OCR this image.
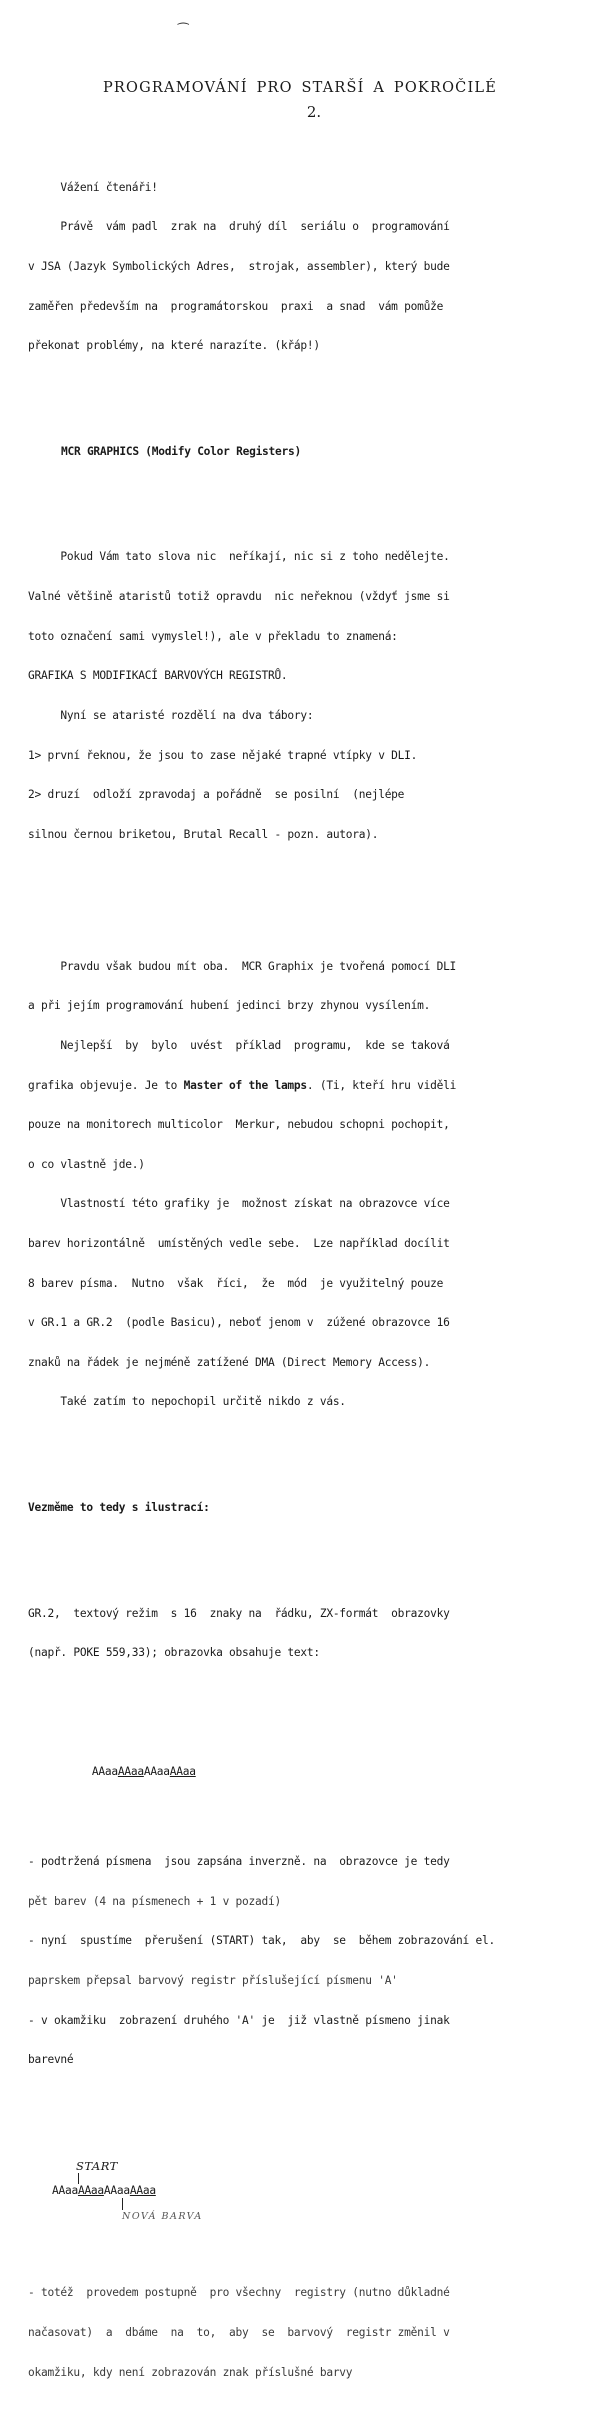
⁀
PROGRAMOVÁNÍ PRO STARŠÍ A POKROČILÉ
2.

Vážení čtenáři!

Právě  vám padl  zrak na  druhý díl  seriálu o  programování

v JSA (Jazyk Symbolických Adres,  strojak, assembler), který bude

zaměřen především na  programátorskou  praxi  a snad  vám pomůže

překonat problémy, na které narazíte. (křáp!)

MCR GRAPHICS (Modify Color Registers)

Pokud Vám tato slova nic  neříkají, nic si z toho nedělejte.

Valné většině ataristů totiž opravdu  nic neřeknou (vždyť jsme si

toto označení sami vymyslel!), ale v překladu to znamená:

GRAFIKA S MODIFIKACÍ BARVOVÝCH REGISTRŮ.

Nyní se ataristé rozdělí na dva tábory:

1> první řeknou, že jsou to zase nějaké trapné vtípky v DLI.

2> druzí  odloží zpravodaj a pořádně  se posilní  (nejlépe

silnou černou briketou, Brutal Recall - pozn. autora).

Pravdu však budou mít oba.  MCR Graphix je tvořená pomocí DLI

a při jejím programování hubení jedinci brzy zhynou vysílením.

Nejlepší  by  bylo  uvést  příklad  programu,  kde se taková

grafika objevuje. Je to Master of the lamps. (Ti, kteří hru viděli

pouze na monitorech multicolor  Merkur, nebudou schopni pochopit,

o co vlastně jde.)

Vlastností této grafiky je  možnost získat na obrazovce více

barev horizontálně  umístěných vedle sebe.  Lze například docílit

8 barev písma.  Nutno  však  říci,  že  mód  je využitelný pouze

v GR.1 a GR.2  (podle Basicu), neboť jenom v  zúžené obrazovce 16

znaků na řádek je nejméně zatížené DMA (Direct Memory Access).

Také zatím to nepochopil určitě nikdo z vás.

Vezměme to tedy s ilustrací:

GR.2,  textový režim  s 16  znaky na  řádku, ZX-formát  obrazovky

(např. POKE 559,33); obrazovka obsahuje text:

AAaaAAaaAAaaAAaa

- podtržená písmena  jsou zapsána inverzně. na  obrazovce je tedy

pět barev (4 na písmenech + 1 v pozadí)

- nyní  spustíme  přerušení (START) tak,  aby  se  během zobrazování el.

paprskem přepsal barvový registr příslušející písmenu 'A'

- v okamžiku  zobrazení druhého 'A' je  již vlastně písmeno jinak

barevné

START

AAaaAAaaAAaaAAaa

NOVÁ BARVA

- totéž  provedem postupně  pro všechny  registry (nutno důkladné

načasovat)  a  dbáme  na  to,  aby  se  barvový  registr změnil v

okamžiku, kdy není zobrazován znak příslušné barvy
